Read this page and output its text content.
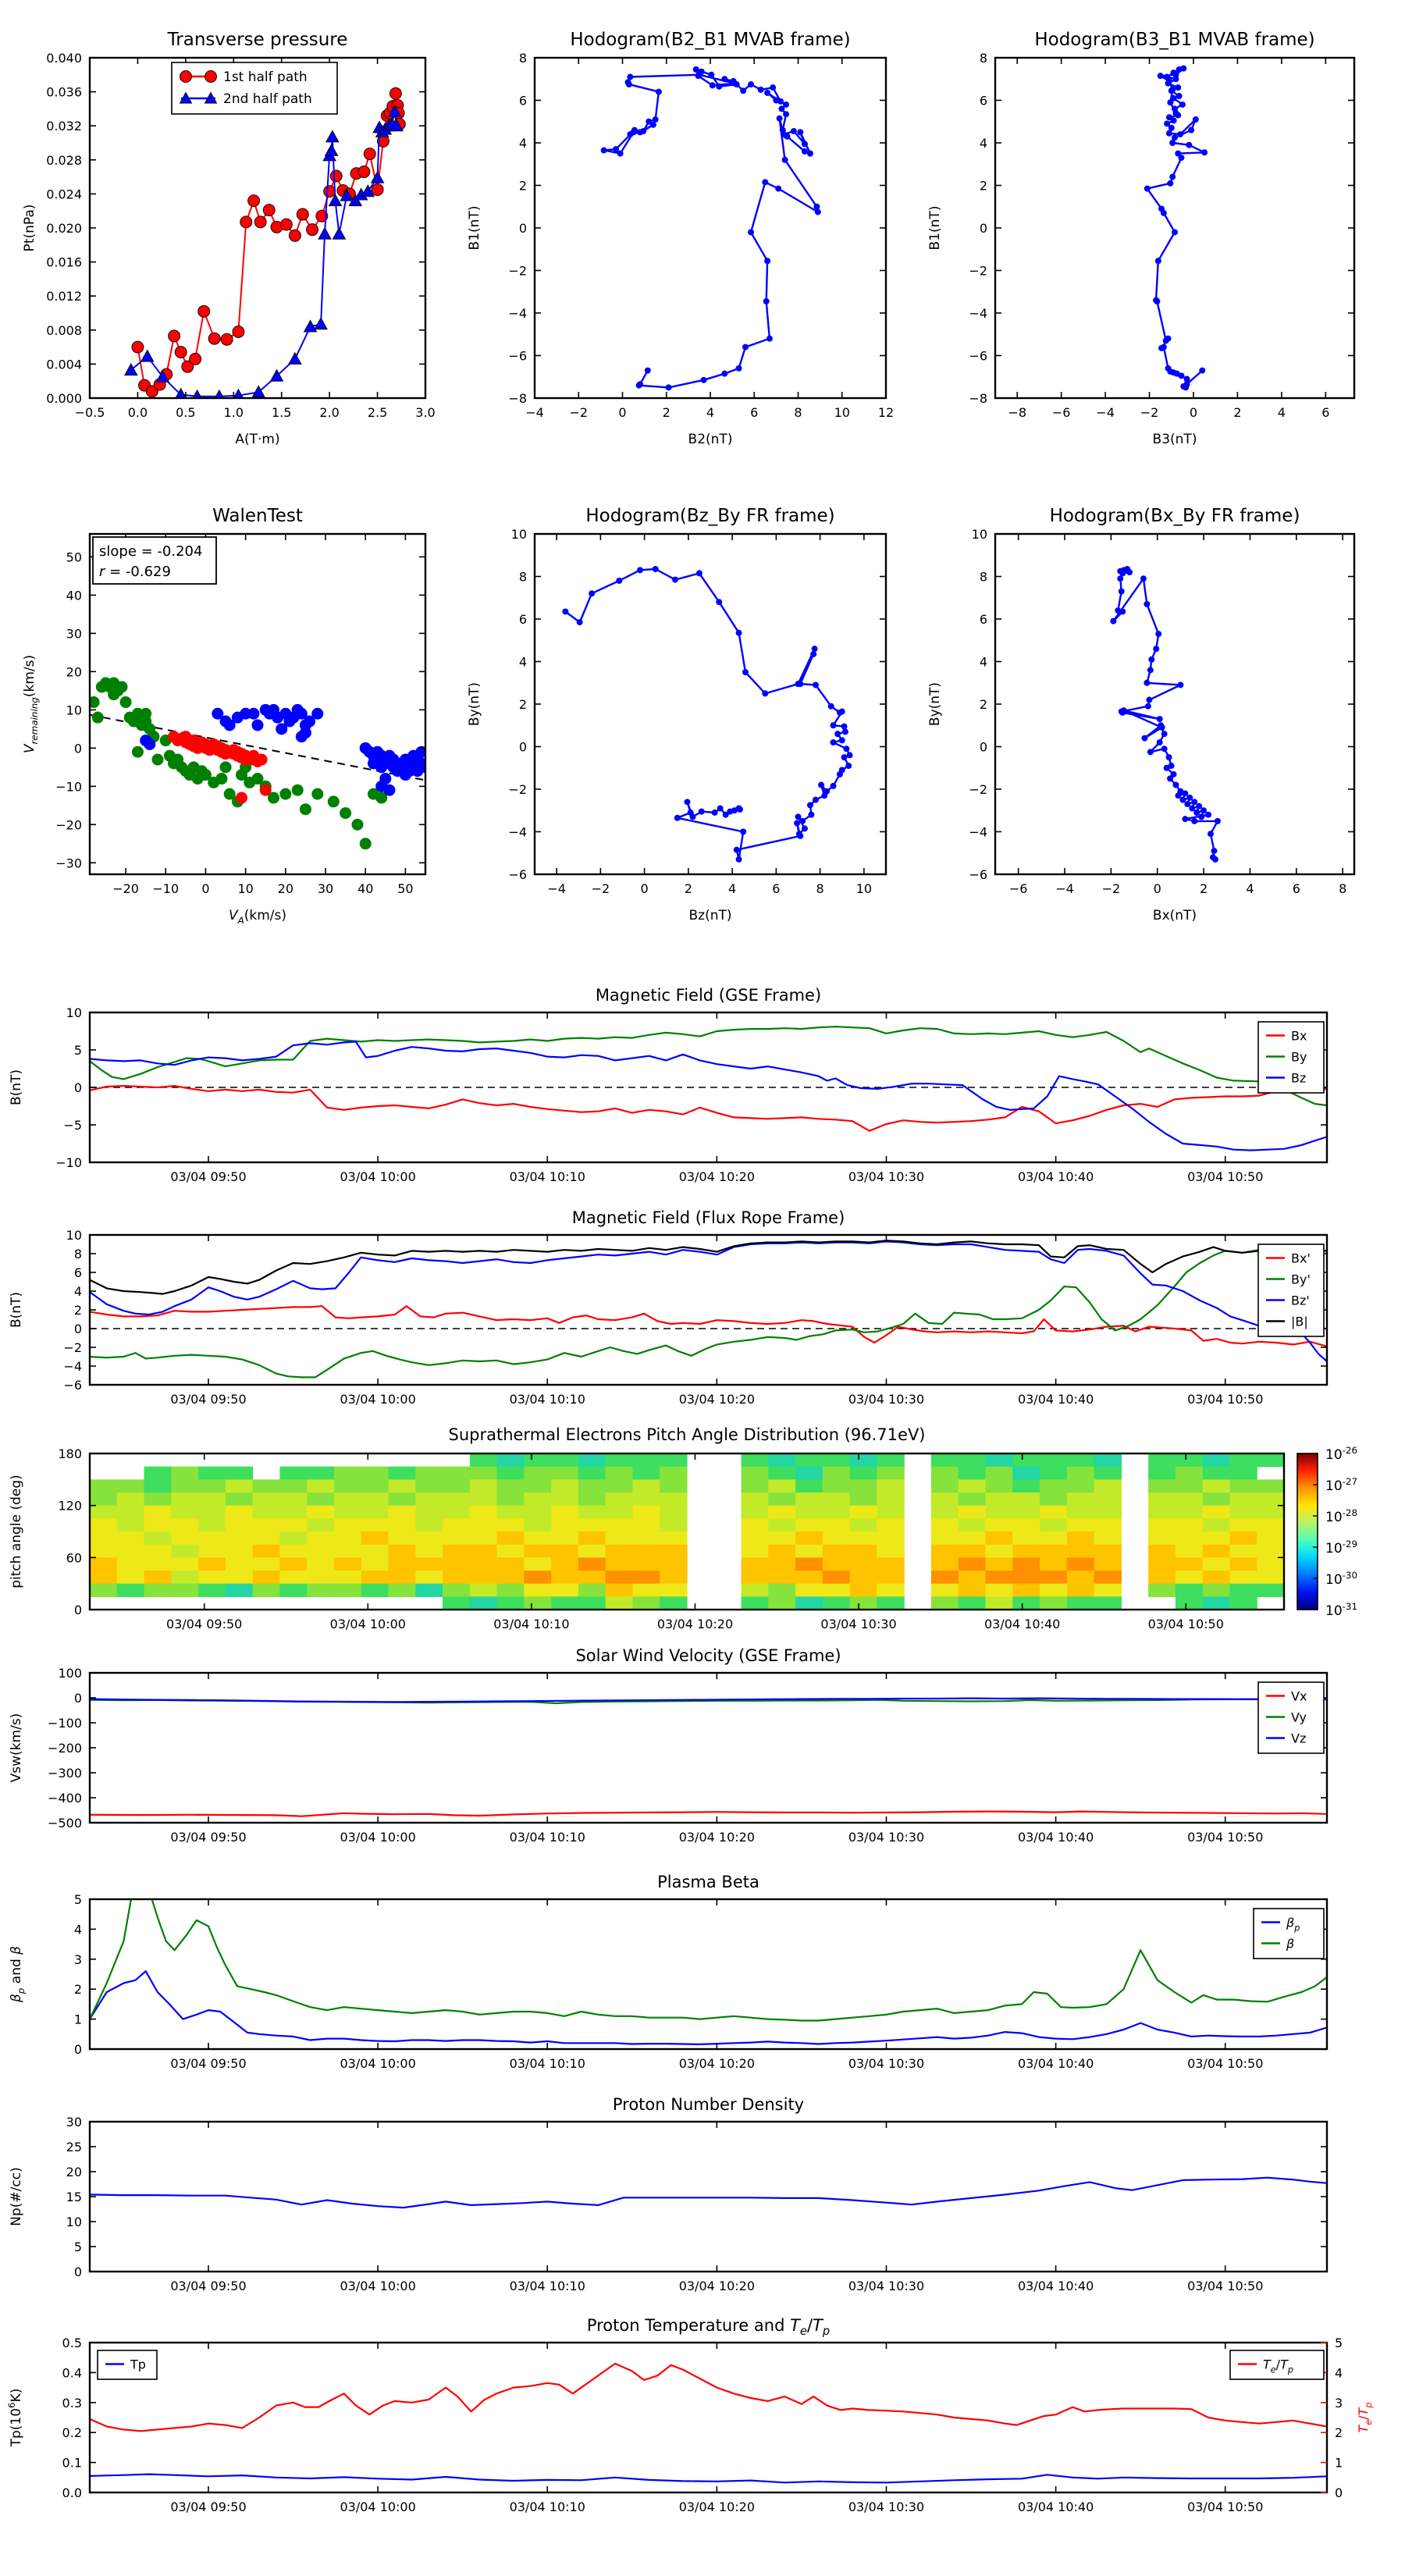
−0.5 0.0 0.5 1.0 1.5 2.0 2.5 3.0
0.000
0.004
0.008
0.012
0.016
0.020
0.024
0.028
0.032
0.036
0.040
Transverse pressure
A(T·m)
Pt(nPa)
1st half path
2nd half path
−4 −2 0	2	4	6	8	10 12
−8
−6
−4
−2
0
2
4
6
8
Hodogram(B2_B1 MVAB frame)
B2(nT)
B1(nT)
−8 −6 −4 −2 0	2	4	6
−8
−6
−4
−2
0
2
4
6
8
Hodogram(B3_B1 MVAB frame)
B3(nT)
B1(nT)
−20 −10 0 10 20 30 40 50
−30
−20
−10
0
10
20
30
40
50
WalenTest
$V_A(km/s)$
$V_{remaining}(km/s)$
slope = -0.204
r = -0.629
−4 −2 0	2	4	6	8	10
−6
−4
−2
0
2
4
6
8
10
Hodogram(Bz_By FR frame)
Bz(nT)
By(nT)
−6 −4 −2	0	2	4	6	8
−6
−4
−2
0
2
4
6
8
10
Hodogram(Bx_By FR frame)
Bx(nT)
By(nT)
03/04 09:50	03/04 10:00	03/04 10:10	03/04 10:20	03/04 10:30	03/04 10:40	03/04 10:50
−10
−5
0
5
10
Magnetic Field (GSE Frame)
B(nT)
Bx
By
Bz
03/04 09:50	03/04 10:00	03/04 10:10	03/04 10:20	03/04 10:30	03/04 10:40	03/04 10:50
−6
−4
−2
0
2
4
6
8
10
Magnetic Field (Flux Rope Frame)
B(nT)
Bx'
By'
Bz'
|B|
03/04 09:50	03/04 10:00	03/04 10:10	03/04 10:20	03/04 10:30	03/04 10:40	03/04 10:50
0
60
120
180
Suprathermal Electrons Pitch Angle Distribution (96.71eV)
pitch angle (deg)
$10^{-26}$
$10^{-27}$
$10^{-28}$
$10^{-29}$
$10^{-30}$
$10^{-31}$
03/04 09:50	03/04 10:00	03/04 10:10	03/04 10:20	03/04 10:30	03/04 10:40	03/04 10:50
−500
−400
−300
−200
−100
0
100
Solar Wind Velocity (GSE Frame)
Vsw(km/s)
Vx
Vy
Vz
03/04 09:50	03/04 10:00	03/04 10:10	03/04 10:20	03/04 10:30	03/04 10:40	03/04 10:50
0
1
2
3
4
5
Plasma Beta
$\beta_p$ and β
$\beta_p$
β
03/04 09:50	03/04 10:00	03/04 10:10	03/04 10:20	03/04 10:30	03/04 10:40	03/04 10:50
0
5
10
15
20
25
30
Proton Number Density
Np(#/cc)
03/04 09:50	03/04 10:00	03/04 10:10	03/04 10:20	03/04 10:30	03/04 10:40	03/04 10:50
0.0
0.1
0.2
0.3
0.4
0.5
0
1
2
3
4
5
$T_e/T_p$
Proton Temperature and $T_e/T_p$
$Tp(10^6K)$
Tp	$T_e/T_p$
